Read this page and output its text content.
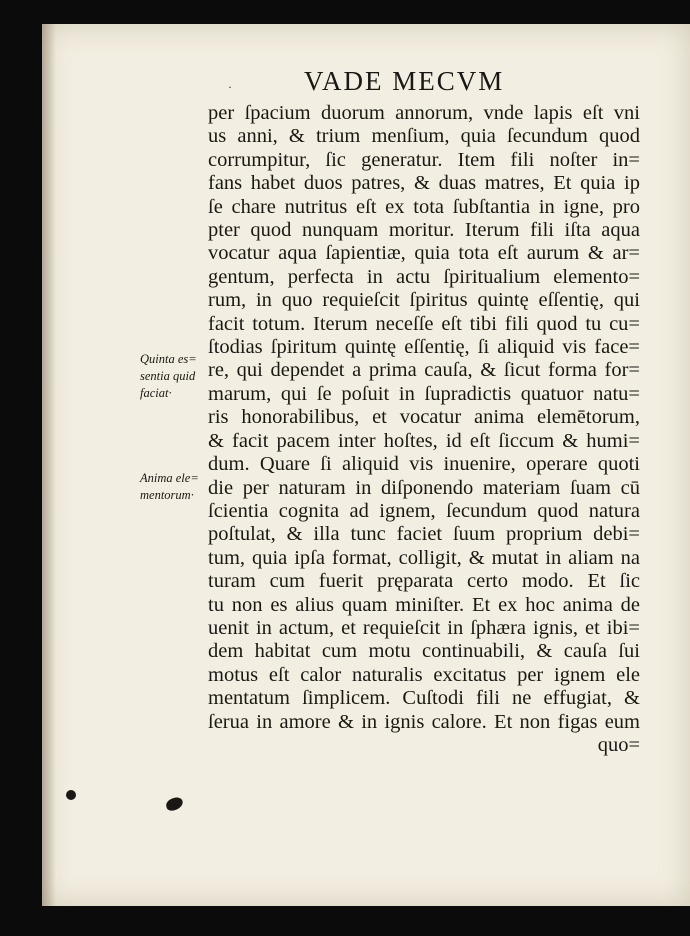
·	VADE MECVM
Quinta es=
sentia quid
faciat·
Anima ele=
mentorum·
per ſpacium duorum annorum, vnde lapis eſt vni
us anni, & trium menſium, quia ſecundum quod
corrumpitur, ſic generatur. Item fili noſter in=
fans habet duos patres, & duas matres, Et quia ip
ſe chare nutritus eſt ex tota ſubſtantia in igne, pro
pter quod nunquam moritur. Iterum fili iſta aqua
vocatur aqua ſapientiæ, quia tota eſt aurum & ar=
gentum, perfecta in actu ſpiritualium elemento=
rum, in quo requieſcit ſpiritus quintę eſſentię, qui
facit totum. Iterum neceſſe eſt tibi fili quod tu cu=
ſtodias ſpiritum quintę eſſentię, ſi aliquid vis face=
re, qui dependet a prima cauſa, & ſicut forma for=
marum, qui ſe poſuit in ſupradictis quatuor natu=
ris honorabilibus, et vocatur anima elemētorum,
& facit pacem inter hoſtes, id eſt ſiccum & humi=
dum. Quare ſi aliquid vis inuenire, operare quoti
die per naturam in diſponendo materiam ſuam cū
ſcientia cognita ad ignem, ſecundum quod natura
poſtulat, & illa tunc faciet ſuum proprium debi=
tum, quia ipſa format, colligit, & mutat in aliam na
turam cum fuerit pręparata certo modo. Et ſic
tu non es alius quam miniſter. Et ex hoc anima de
uenit in actum, et requieſcit in ſphæra ignis, et ibi=
dem habitat cum motu continuabili, & cauſa ſui
motus eſt calor naturalis excitatus per ignem ele
mentatum ſimplicem. Cuſtodi fili ne effugiat, &
ſerua in amore & in ignis calore. Et non figas eum
quo=
